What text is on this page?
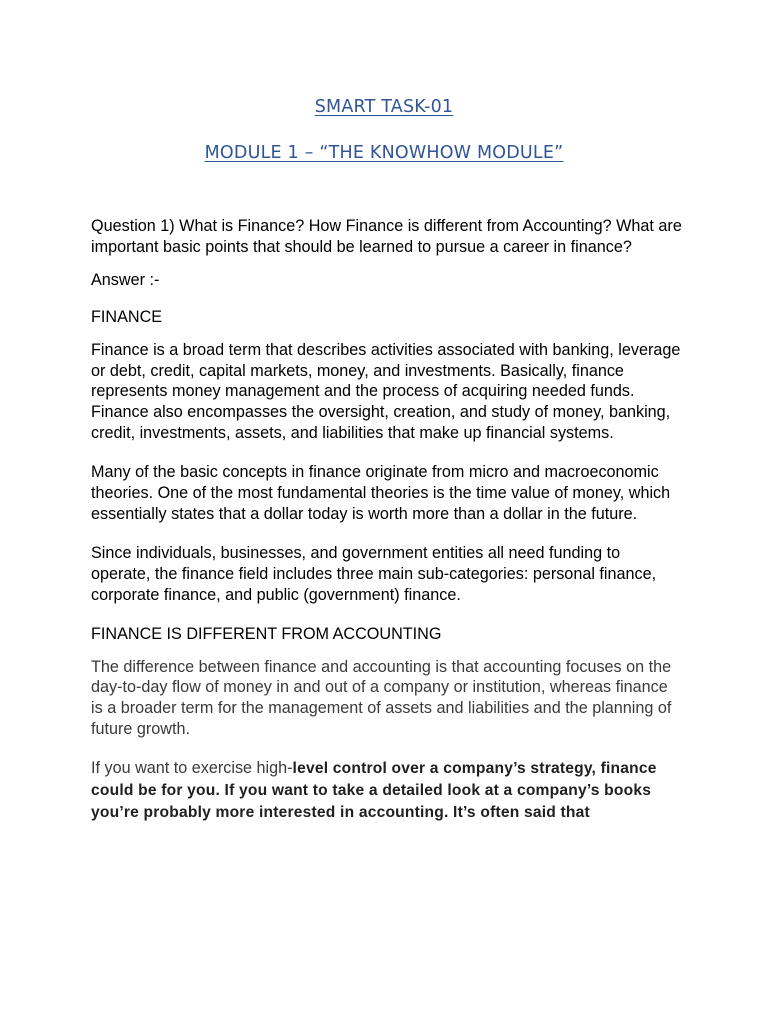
SMART TASK-01
MODULE 1 – “THE KNOWHOW MODULE”

Question 1) What is Finance? How Finance is different from Accounting? What are important basic points that should be learned to pursue a career in finance?

Answer :-

FINANCE

Finance is a broad term that describes activities associated with banking, leverage or debt, credit, capital markets, money, and investments. Basically, finance represents money management and the process of acquiring needed funds. Finance also encompasses the oversight, creation, and study of money, banking, credit, investments, assets, and liabilities that make up financial systems.

Many of the basic concepts in finance originate from micro and macroeconomic theories. One of the most fundamental theories is the time value of money, which essentially states that a dollar today is worth more than a dollar in the future.

Since individuals, businesses, and government entities all need funding to operate, the finance field includes three main sub-categories: personal finance, corporate finance, and public (government) finance.

FINANCE IS DIFFERENT FROM ACCOUNTING

The difference between finance and accounting is that accounting focuses on the day-to-day flow of money in and out of a company or institution, whereas finance is a broader term for the management of assets and liabilities and the planning of future growth.

If you want to exercise high-level control over a company’s strategy, finance could be for you. If you want to take a detailed look at a company’s books you’re probably more interested in accounting. It’s often said that
